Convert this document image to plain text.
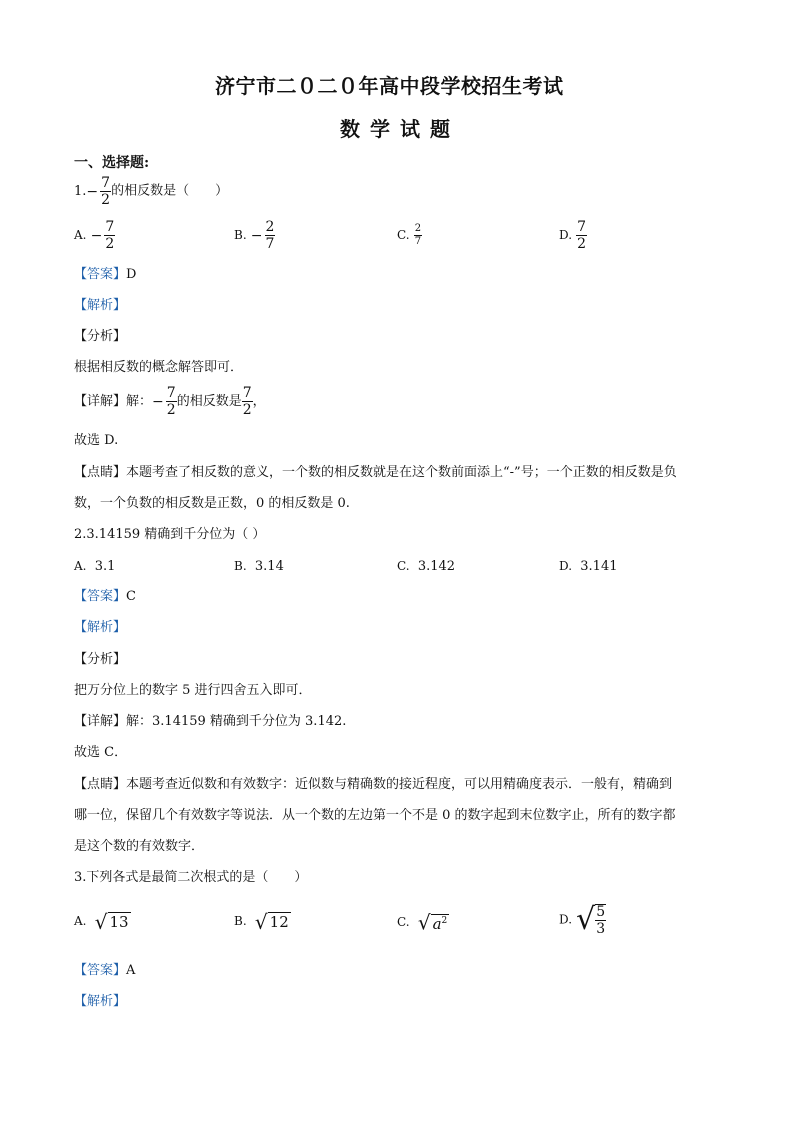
济宁市二０二０年高中段学校招生考试
数学试题
一、选择题:
$1.- \frac{7}{2}$ 的相反数是（　　）
A. − $\frac{7}{2}$	B. − $\frac{2}{7}$	C. $\frac{2}{7}$	D. $\frac{7}{2}$
【答案】D
【解析】
【分析】
根据相反数的概念解答即可．
【详解】解：− $\frac{7}{2}$ 的相反数是 $\frac{7}{2}$ ，
故选 D.
【点睛】本题考查了相反数的意义，一个数的相反数就是在这个数前面添上“-”号；一个正数的相反数是负
数，一个负数的相反数是正数，0 的相反数是 0.
2.3.14159 精确到千分位为（ ）
A. 3.1	B. 3.14	C. 3.142	D. 3.141
【答案】C
【解析】
【分析】
把万分位上的数字 5 进行四舍五入即可．
【详解】解：3.14159 精确到千分位为 3.142.
故选 C．
【点睛】本题考查近似数和有效数字：近似数与精确数的接近程度，可以用精确度表示．一般有，精确到
哪一位，保留几个有效数字等说法．从一个数的左边第一个不是 0 的数字起到末位数字止，所有的数字都
是这个数的有效数字．
3.下列各式是最简二次根式的是（　　）
A. √ 13	B. √ 12	C. √ $a^2$	D. √ $\frac{5}{3}$
【答案】A
【解析】
